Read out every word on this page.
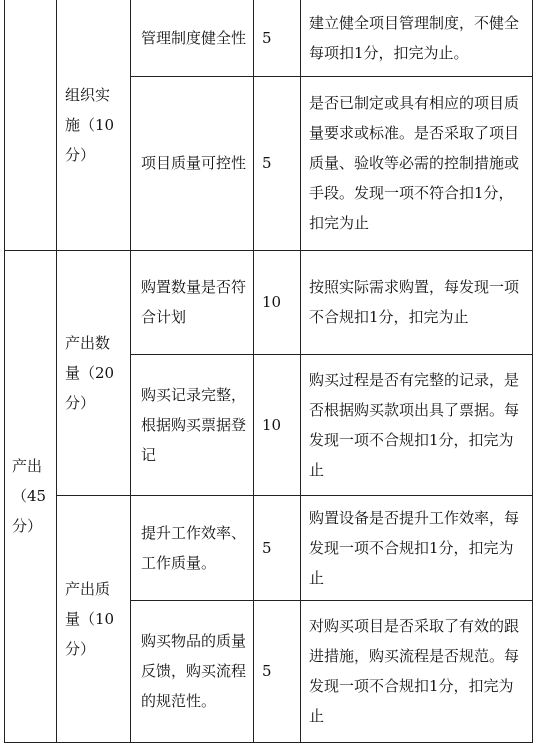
	组织实施（10分）	管理制度健全性	5	建立健全项目管理制度，不健全每项扣1分，扣完为止。
		项目质量可控性	5	是否已制定或具有相应的项目质量要求或标准。是否采取了项目质量、验收等必需的控制措施或手段。发现一项不符合扣1分，扣完为止
产出（45分）	产出数量（20分）	购置数量是否符合计划	10	按照实际需求购置，每发现一项不合规扣1分，扣完为止
		购买记录完整，根据购买票据登记	10	购买过程是否有完整的记录，是否根据购买款项出具了票据。每发现一项不合规扣1分，扣完为止
	产出质量（10分）	提升工作效率、工作质量。	5	购置设备是否提升工作效率，每发现一项不合规扣1分，扣完为止
		购买物品的质量反馈，购买流程的规范性。	5	对购买项目是否采取了有效的跟进措施，购买流程是否规范。每发现一项不合规扣1分，扣完为止
